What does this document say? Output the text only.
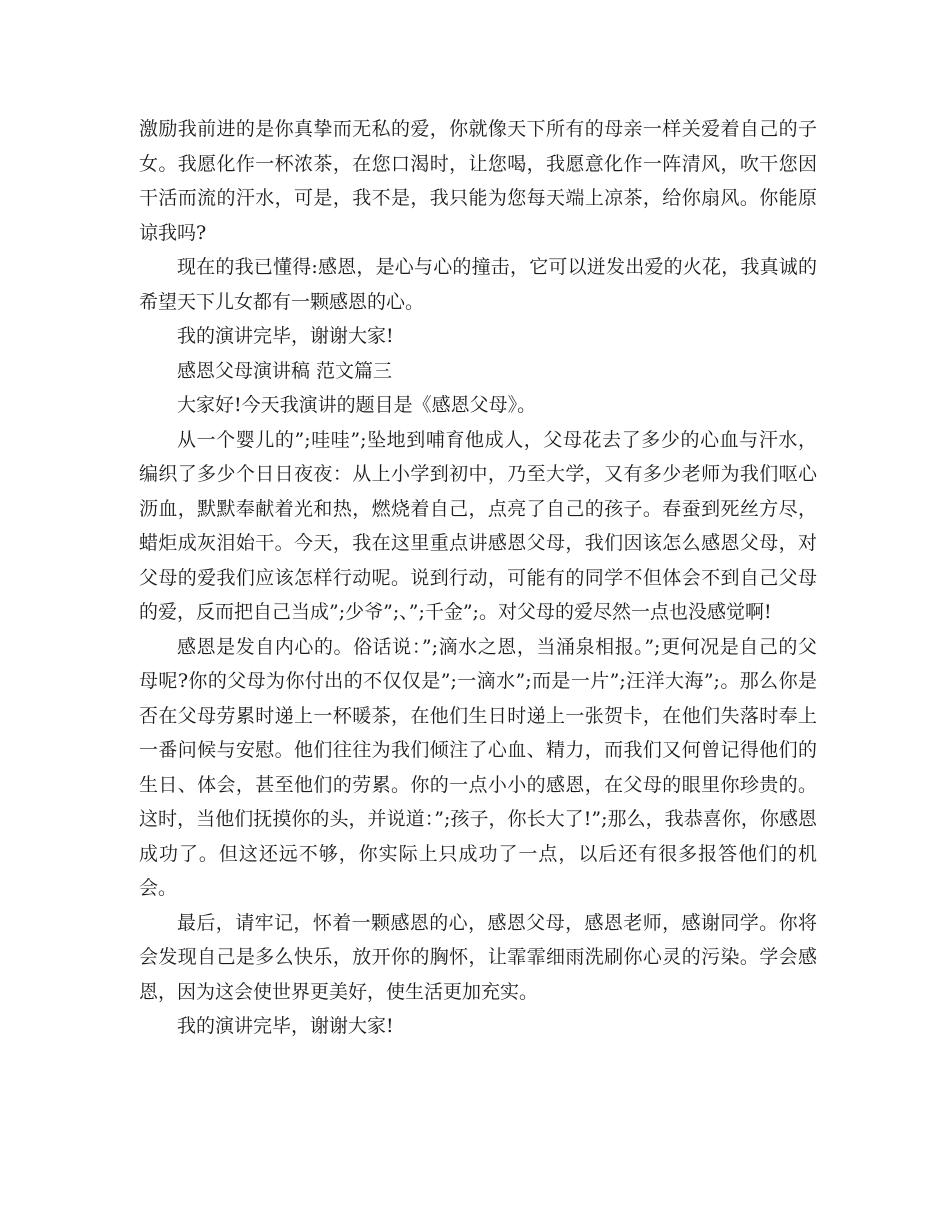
激励我前进的是你真挚而无私的爱，你就像天下所有的母亲一样关爱着自己的子女。我愿化作一杯浓茶，在您口渴时，让您喝，我愿意化作一阵清风，吹干您因干活而流的汗水，可是，我不是，我只能为您每天端上凉茶，给你扇风。你能原谅我吗?

现在的我已懂得:感恩，是心与心的撞击，它可以迸发出爱的火花，我真诚的希望天下儿女都有一颗感恩的心。

我的演讲完毕，谢谢大家!

感恩父母演讲稿 范文篇三

大家好!今天我演讲的题目是《感恩父母》。

从一个婴儿的”;哇哇”;坠地到哺育他成人，父母花去了多少的心血与汗水，编织了多少个日日夜夜：从上小学到初中，乃至大学，又有多少老师为我们呕心沥血，默默奉献着光和热，燃烧着自己，点亮了自己的孩子。春蚕到死丝方尽，蜡炬成灰泪始干。今天，我在这里重点讲感恩父母，我们因该怎么感恩父母，对父母的爱我们应该怎样行动呢。说到行动，可能有的同学不但体会不到自己父母的爱，反而把自己当成”;少爷”;、”;千金”;。对父母的爱尽然一点也没感觉啊!

感恩是发自内心的。俗话说：”;滴水之恩，当涌泉相报。”;更何况是自己的父母呢?你的父母为你付出的不仅仅是”;一滴水”;而是一片”;汪洋大海”;。那么你是否在父母劳累时递上一杯暖茶，在他们生日时递上一张贺卡，在他们失落时奉上一番问候与安慰。他们往往为我们倾注了心血、精力，而我们又何曾记得他们的生日、体会，甚至他们的劳累。你的一点小小的感恩，在父母的眼里你珍贵的。这时，当他们抚摸你的头，并说道：”;孩子，你长大了!”;那么，我恭喜你，你感恩成功了。但这还远不够，你实际上只成功了一点，以后还有很多报答他们的机会。

最后，请牢记，怀着一颗感恩的心，感恩父母，感恩老师，感谢同学。你将会发现自己是多么快乐，放开你的胸怀，让霏霏细雨洗刷你心灵的污染。学会感恩，因为这会使世界更美好，使生活更加充实。

我的演讲完毕，谢谢大家!
